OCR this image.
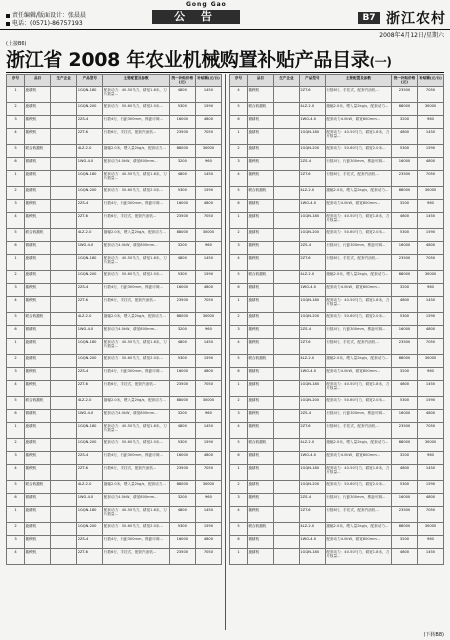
责任编辑/版面设计：张晨晨
电话：(0571)-86757193
Gong Gao
公 告	B7 浙江农村
2008年4月12日/星期六
(上接B6)
浙江省 2008 年农业机械购置补贴产品目录(一)
序号	品目	生产企业	产品型号	主要配置及参数	统一补贴价格(元)	补贴额(元/台)
1	旋耕机		1GQN-180	配套动力：40-50马力，耕宽1.8米，刀片数量...	4800	1450
2	旋耕机		1GQN-200	配套动力：50-60马力，耕宽2.0米...	5300	1590
3	插秧机		2ZS-4	行数4行，行距300mm，株距可调...	16000	4800
4	插秧机		2ZT-6	行数6行，手扶式，配套汽油机...	23500	7050
5	联合收割机		4LZ-2.0	割幅2.0米，喂入量2kg/s，配套动力...	88000	30000
6	微耕机		1WG-4.0	配套动力4.0kW，耕宽800mm...	3200	960
1	旋耕机		1GQN-180	配套动力：40-50马力，耕宽1.8米，刀片数量...	4800	1450
2	旋耕机		1GQN-200	配套动力：50-60马力，耕宽2.0米...	5300	1590
3	插秧机		2ZS-4	行数4行，行距300mm，株距可调...	16000	4800
4	插秧机		2ZT-6	行数6行，手扶式，配套汽油机...	23500	7050
5	联合收割机		4LZ-2.0	割幅2.0米，喂入量2kg/s，配套动力...	88000	30000
6	微耕机		1WG-4.0	配套动力4.0kW，耕宽800mm...	3200	960
1	旋耕机		1GQN-180	配套动力：40-50马力，耕宽1.8米，刀片数量...	4800	1450
2	旋耕机		1GQN-200	配套动力：50-60马力，耕宽2.0米...	5300	1590
3	插秧机		2ZS-4	行数4行，行距300mm，株距可调...	16000	4800
4	插秧机		2ZT-6	行数6行，手扶式，配套汽油机...	23500	7050
5	联合收割机		4LZ-2.0	割幅2.0米，喂入量2kg/s，配套动力...	88000	30000
6	微耕机		1WG-4.0	配套动力4.0kW，耕宽800mm...	3200	960
1	旋耕机		1GQN-180	配套动力：40-50马力，耕宽1.8米，刀片数量...	4800	1450
2	旋耕机		1GQN-200	配套动力：50-60马力，耕宽2.0米...	5300	1590
3	插秧机		2ZS-4	行数4行，行距300mm，株距可调...	16000	4800
4	插秧机		2ZT-6	行数6行，手扶式，配套汽油机...	23500	7050
5	联合收割机		4LZ-2.0	割幅2.0米，喂入量2kg/s，配套动力...	88000	30000
6	微耕机		1WG-4.0	配套动力4.0kW，耕宽800mm...	3200	960
1	旋耕机		1GQN-180	配套动力：40-50马力，耕宽1.8米，刀片数量...	4800	1450
2	旋耕机		1GQN-200	配套动力：50-60马力，耕宽2.0米...	5300	1590
3	插秧机		2ZS-4	行数4行，行距300mm，株距可调...	16000	4800
4	插秧机		2ZT-6	行数6行，手扶式，配套汽油机...	23500	7050
5	联合收割机		4LZ-2.0	割幅2.0米，喂入量2kg/s，配套动力...	88000	30000
6	微耕机		1WG-4.0	配套动力4.0kW，耕宽800mm...	3200	960
1	旋耕机		1GQN-180	配套动力：40-50马力，耕宽1.8米，刀片数量...	4800	1450
2	旋耕机		1GQN-200	配套动力：50-60马力，耕宽2.0米...	5300	1590
3	插秧机		2ZS-4	行数4行，行距300mm，株距可调...	16000	4800
4	插秧机		2ZT-6	行数6行，手扶式，配套汽油机...	23500	7050
序号	品目	生产企业	产品型号	主要配置及参数	统一补贴价格(元)	补贴额(元/台)
4	插秧机		2ZT-6	行数6行，手扶式，配套汽油机...	23500	7050
5	联合收割机		4LZ-2.0	割幅2.0米，喂入量2kg/s，配套动力...	88000	30000
6	微耕机		1WG-4.0	配套动力4.0kW，耕宽800mm...	3200	960
1	旋耕机		1GQN-180	配套动力：40-50马力，耕宽1.8米，刀片数量...	4800	1450
2	旋耕机		1GQN-200	配套动力：50-60马力，耕宽2.0米...	5300	1590
3	插秧机		2ZS-4	行数4行，行距300mm，株距可调...	16000	4800
4	插秧机		2ZT-6	行数6行，手扶式，配套汽油机...	23500	7050
5	联合收割机		4LZ-2.0	割幅2.0米，喂入量2kg/s，配套动力...	88000	30000
6	微耕机		1WG-4.0	配套动力4.0kW，耕宽800mm...	3200	960
1	旋耕机		1GQN-180	配套动力：40-50马力，耕宽1.8米，刀片数量...	4800	1450
2	旋耕机		1GQN-200	配套动力：50-60马力，耕宽2.0米...	5300	1590
3	插秧机		2ZS-4	行数4行，行距300mm，株距可调...	16000	4800
4	插秧机		2ZT-6	行数6行，手扶式，配套汽油机...	23500	7050
5	联合收割机		4LZ-2.0	割幅2.0米，喂入量2kg/s，配套动力...	88000	30000
6	微耕机		1WG-4.0	配套动力4.0kW，耕宽800mm...	3200	960
1	旋耕机		1GQN-180	配套动力：40-50马力，耕宽1.8米，刀片数量...	4800	1450
2	旋耕机		1GQN-200	配套动力：50-60马力，耕宽2.0米...	5300	1590
3	插秧机		2ZS-4	行数4行，行距300mm，株距可调...	16000	4800
4	插秧机		2ZT-6	行数6行，手扶式，配套汽油机...	23500	7050
5	联合收割机		4LZ-2.0	割幅2.0米，喂入量2kg/s，配套动力...	88000	30000
6	微耕机		1WG-4.0	配套动力4.0kW，耕宽800mm...	3200	960
1	旋耕机		1GQN-180	配套动力：40-50马力，耕宽1.8米，刀片数量...	4800	1450
2	旋耕机		1GQN-200	配套动力：50-60马力，耕宽2.0米...	5300	1590
3	插秧机		2ZS-4	行数4行，行距300mm，株距可调...	16000	4800
4	插秧机		2ZT-6	行数6行，手扶式，配套汽油机...	23500	7050
5	联合收割机		4LZ-2.0	割幅2.0米，喂入量2kg/s，配套动力...	88000	30000
6	微耕机		1WG-4.0	配套动力4.0kW，耕宽800mm...	3200	960
1	旋耕机		1GQN-180	配套动力：40-50马力，耕宽1.8米，刀片数量...	4800	1450
2	旋耕机		1GQN-200	配套动力：50-60马力，耕宽2.0米...	5300	1590
3	插秧机		2ZS-4	行数4行，行距300mm，株距可调...	16000	4800
4	插秧机		2ZT-6	行数6行，手扶式，配套汽油机...	23500	7050
5	联合收割机		4LZ-2.0	割幅2.0米，喂入量2kg/s，配套动力...	88000	30000
6	微耕机		1WG-4.0	配套动力4.0kW，耕宽800mm...	3200	960
1	旋耕机		1GQN-180	配套动力：40-50马力，耕宽1.8米，刀片数量...	4800	1450
(下转B8)
